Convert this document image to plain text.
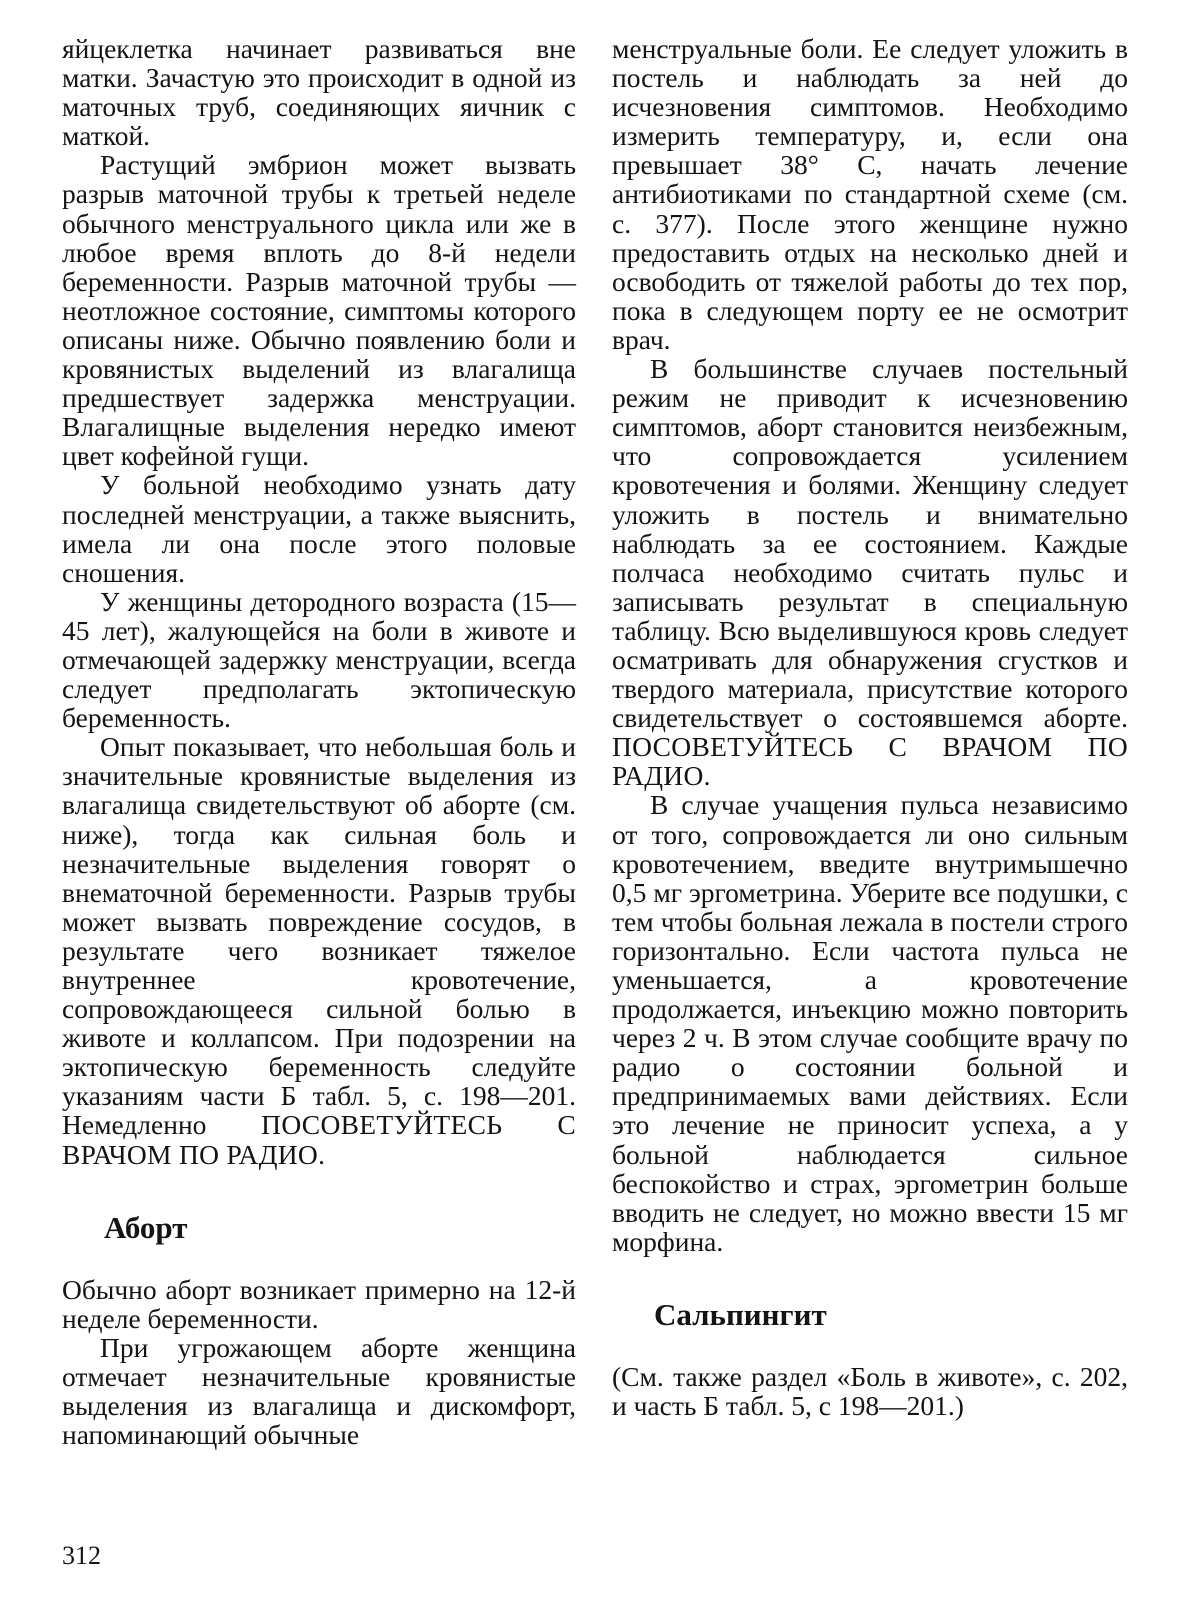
яйцеклетка начинает развиваться вне матки. Зачастую это происходит в одной из маточных труб, соединяющих яичник с маткой.

Растущий эмбрион может вызвать разрыв маточной трубы к третьей неделе обычного менструального цикла или же в любое время вплоть до 8-й недели беременности. Разрыв маточной трубы — неотложное состояние, симптомы которого описаны ниже. Обычно появлению боли и кровянистых выделений из влагалища предшествует задержка менструации. Влагалищные выделения нередко имеют цвет кофейной гущи.

У больной необходимо узнать дату последней менструации, а также выяснить, имела ли она после этого половые сношения.

У женщины детородного возраста (15—45 лет), жалующейся на боли в животе и отмечающей задержку менструации, всегда следует предполагать эктопическую беременность.

Опыт показывает, что небольшая боль и значительные кровянистые выделения из влагалища свидетельствуют об аборте (см. ниже), тогда как сильная боль и незначительные выделения говорят о внематочной беременности. Разрыв трубы может вызвать повреждение сосудов, в результате чего возникает тяжелое внутреннее кровотечение, сопровождающееся сильной болью в животе и коллапсом. При подозрении на эктопическую беременность следуйте указаниям части Б табл. 5, с. 198—201. Немедленно ПОСОВЕТУЙТЕСЬ С ВРАЧОМ ПО РАДИО.

Аборт

Обычно аборт возникает примерно на 12-й неделе беременности.

При угрожающем аборте женщина отмечает незначительные кровянистые выделения из влагалища и дискомфорт, напоминающий обычные

менструальные боли. Ее следует уложить в постель и наблюдать за ней до исчезновения симптомов. Необходимо измерить температуру, и, если она превышает 38° С, начать лечение антибиотиками по стандартной схеме (см. с. 377). После этого женщине нужно предоставить отдых на несколько дней и освободить от тяжелой работы до тех пор, пока в следующем порту ее не осмотрит врач.

В большинстве случаев постельный режим не приводит к исчезновению симптомов, аборт становится неизбежным, что сопровождается усилением кровотечения и болями. Женщину следует уложить в постель и внимательно наблюдать за ее состоянием. Каждые полчаса необходимо считать пульс и записывать результат в специальную таблицу. Всю выделившуюся кровь следует осматривать для обнаружения сгустков и твердого материала, присутствие которого свидетельствует о состоявшемся аборте. ПОСОВЕТУЙТЕСЬ С ВРАЧОМ ПО РАДИО.

В случае учащения пульса независимо от того, сопровождается ли оно сильным кровотечением, введите внутримышечно 0,5 мг эргометрина. Уберите все подушки, с тем чтобы больная лежала в постели строго горизонтально. Если частота пульса не уменьшается, а кровотечение продолжается, инъекцию можно повторить через 2 ч. В этом случае сообщите врачу по радио о состоянии больной и предпринимаемых вами действиях. Если это лечение не приносит успеха, а у больной наблюдается сильное беспокойство и страх, эргометрин больше вводить не следует, но можно ввести 15 мг морфина.

Сальпингит

(См. также раздел «Боль в животе», с. 202, и часть Б табл. 5, с 198—201.)

312
